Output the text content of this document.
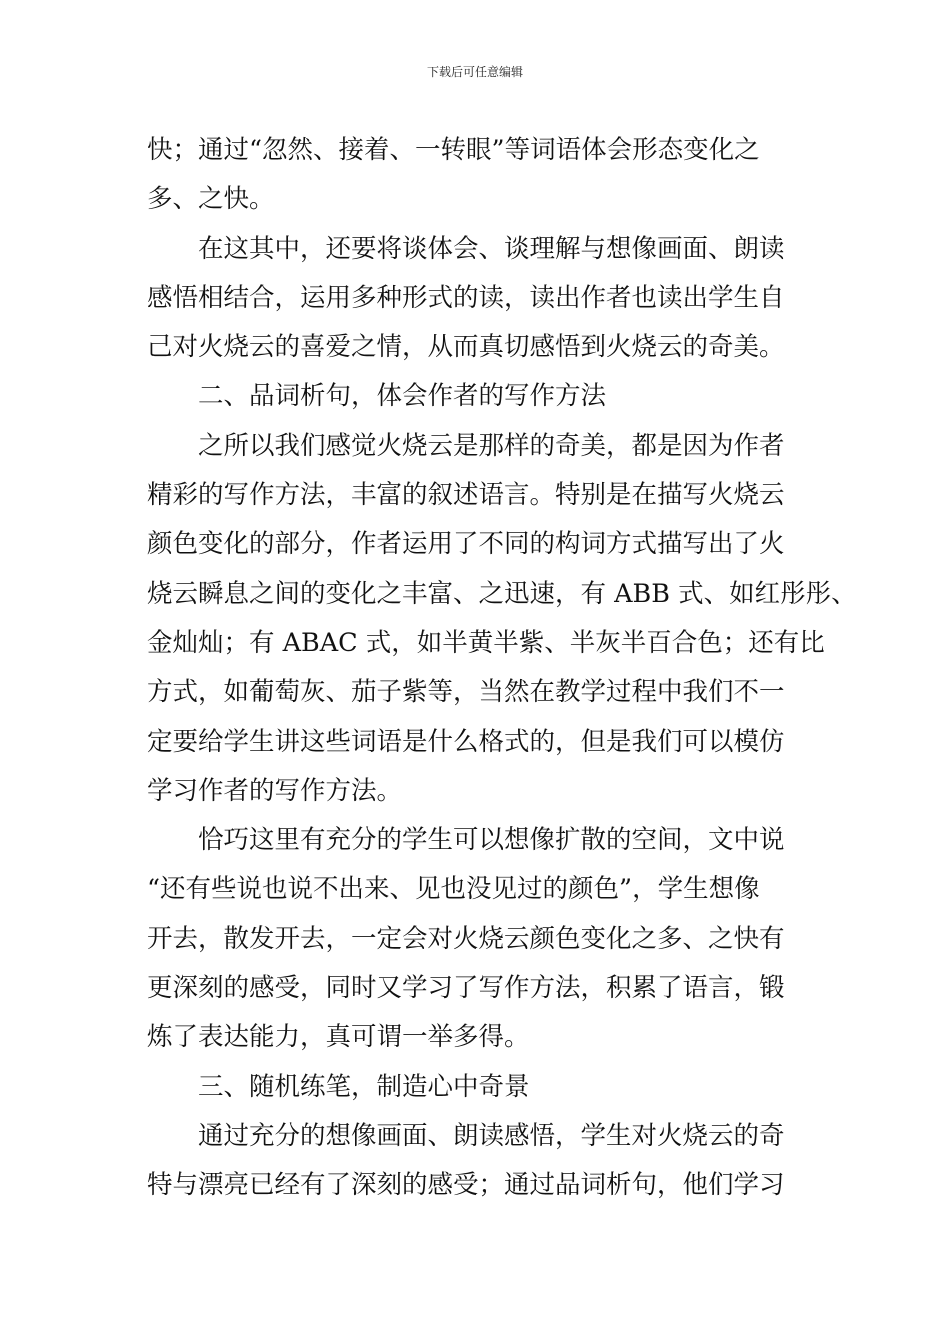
下载后可任意编辑
快；通过“忽然、接着、一转眼”等词语体会形态变化之
多、之快。
在这其中，还要将谈体会、谈理解与想像画面、朗读
感悟相结合，运用多种形式的读，读出作者也读出学生自
己对火烧云的喜爱之情，从而真切感悟到火烧云的奇美。
二、品词析句，体会作者的写作方法
之所以我们感觉火烧云是那样的奇美，都是因为作者
精彩的写作方法，丰富的叙述语言。特别是在描写火烧云
颜色变化的部分，作者运用了不同的构词方式描写出了火
烧云瞬息之间的变化之丰富、之迅速，有 ABB 式、如红彤彤、
金灿灿；有 ABAC 式，如半黄半紫、半灰半百合色；还有比
方式，如葡萄灰、茄子紫等，当然在教学过程中我们不一
定要给学生讲这些词语是什么格式的，但是我们可以模仿
学习作者的写作方法。
恰巧这里有充分的学生可以想像扩散的空间，文中说
“还有些说也说不出来、见也没见过的颜色”，学生想像
开去，散发开去，一定会对火烧云颜色变化之多、之快有
更深刻的感受，同时又学习了写作方法，积累了语言，锻
炼了表达能力，真可谓一举多得。
三、随机练笔，制造心中奇景
通过充分的想像画面、朗读感悟，学生对火烧云的奇
特与漂亮已经有了深刻的感受；通过品词析句，他们学习
